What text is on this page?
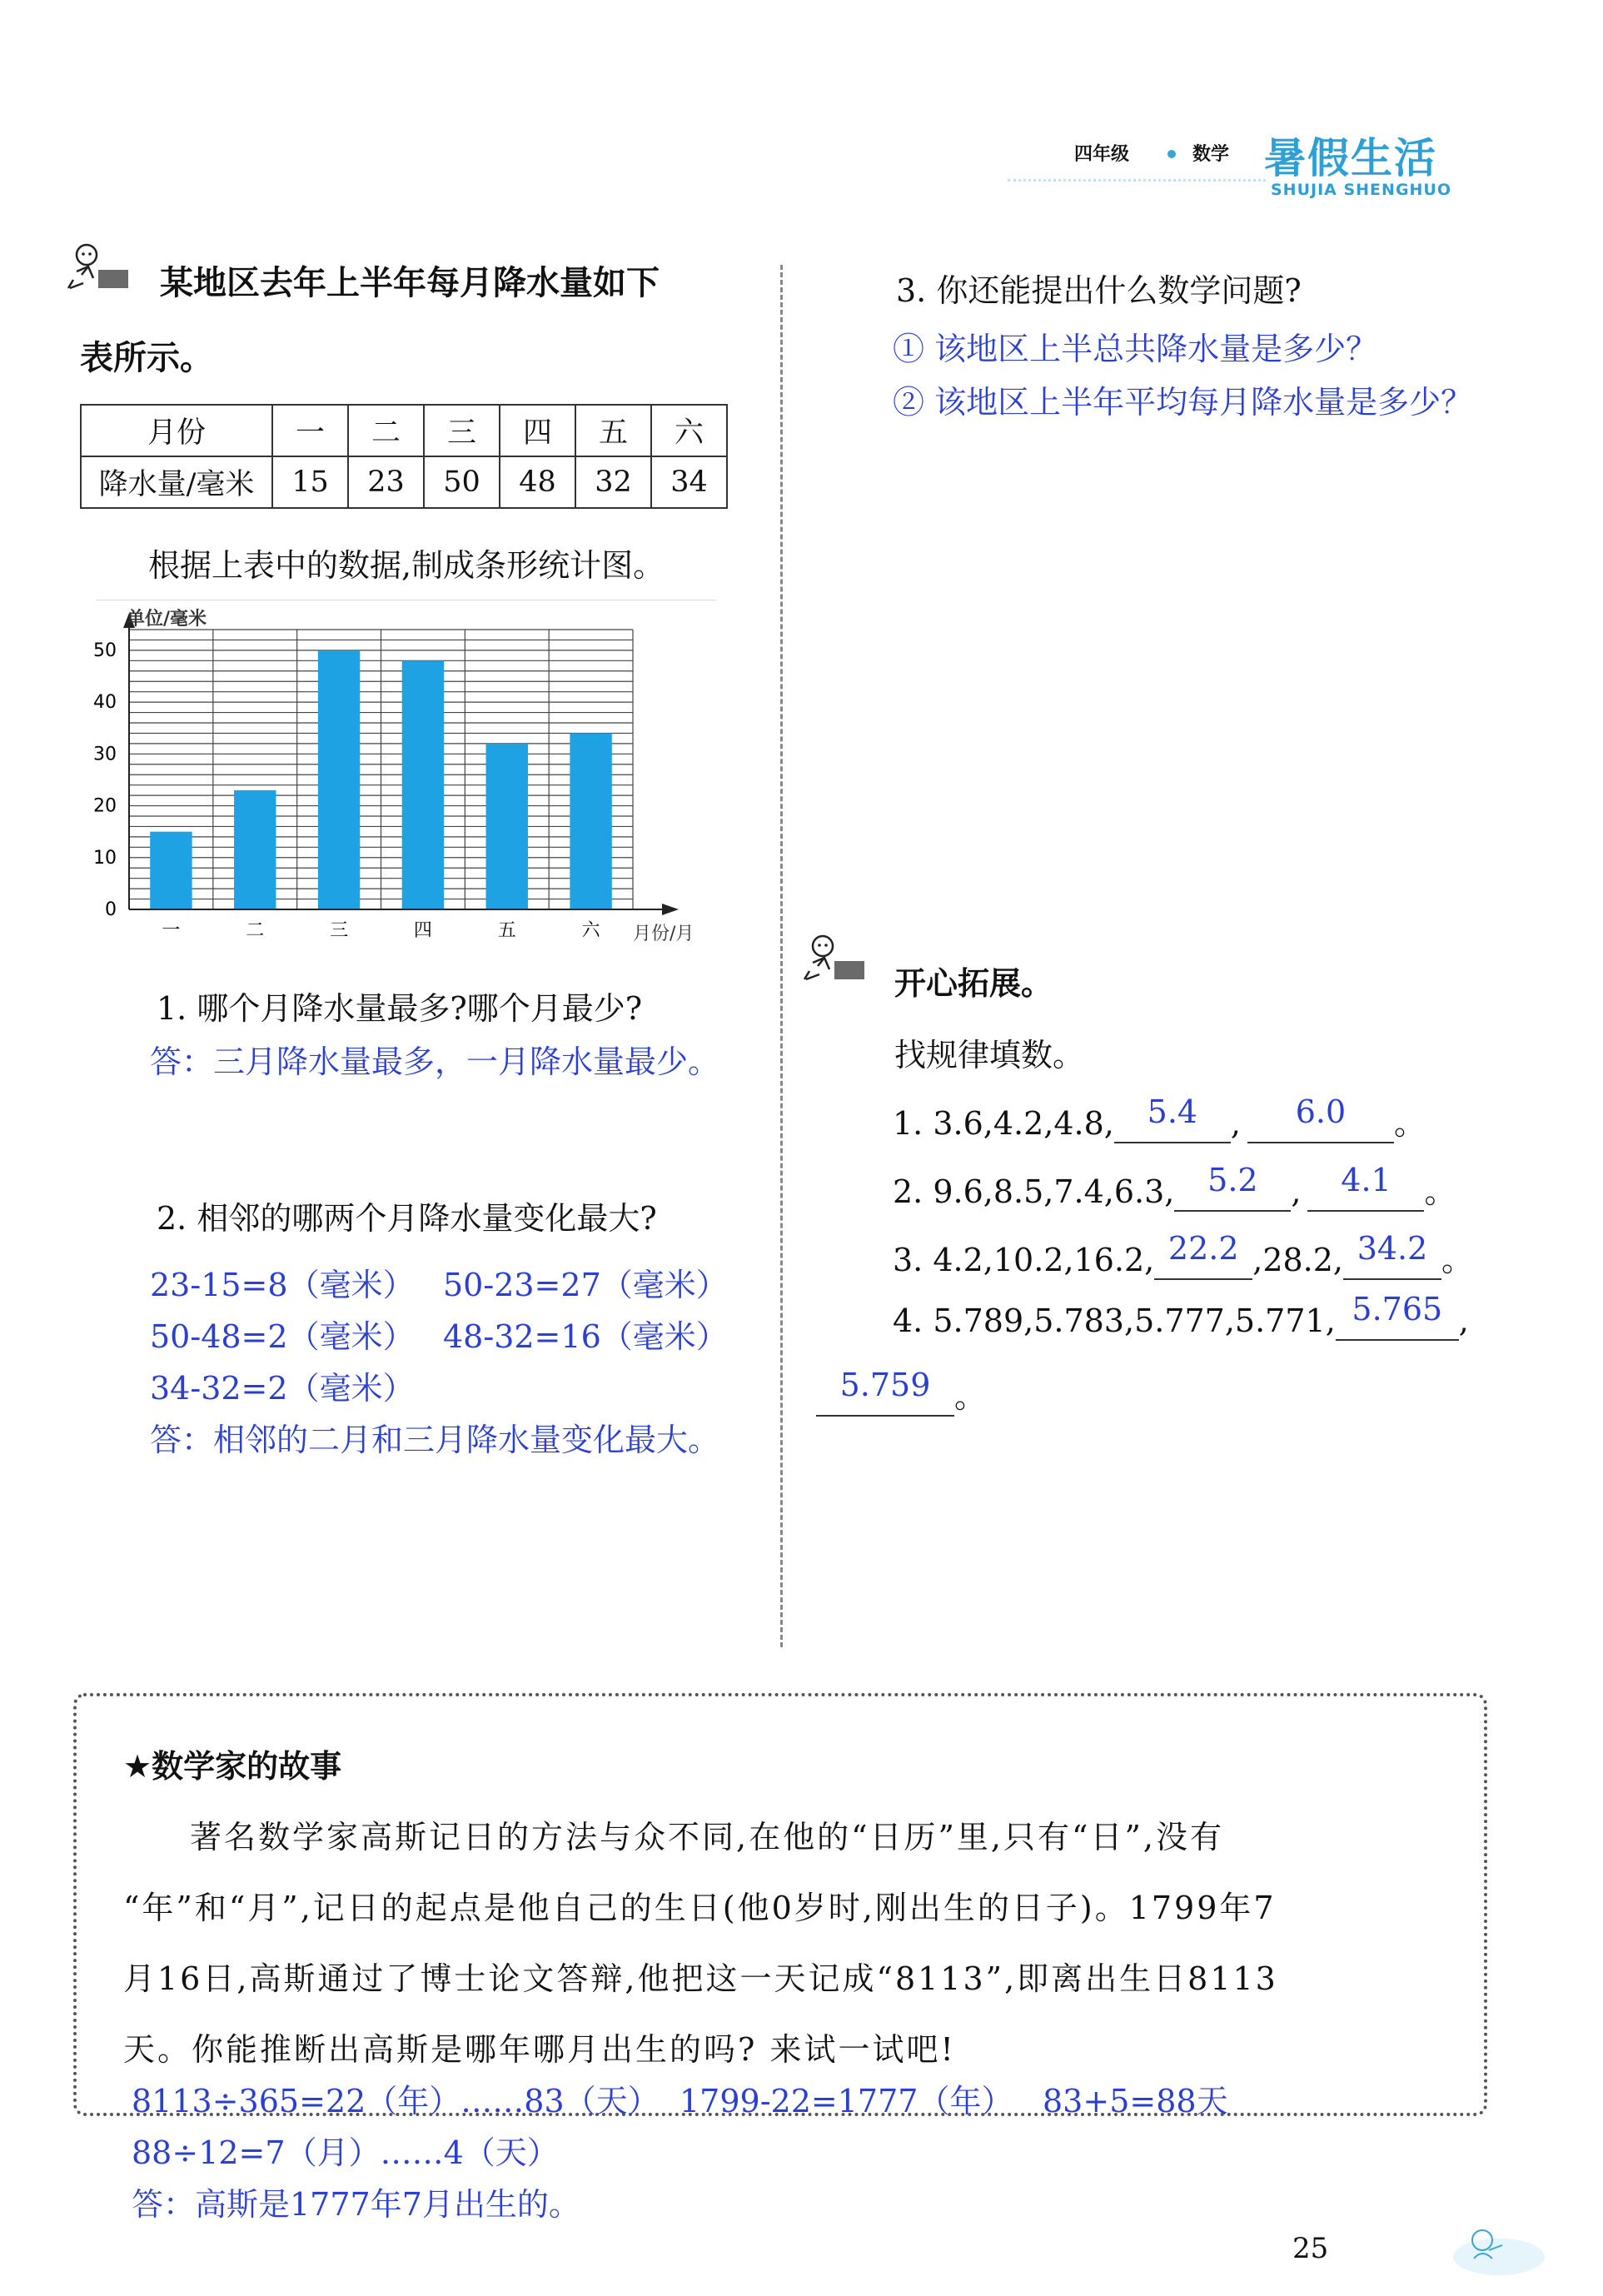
四年级	数学 暑假生活
SHUJIA SHENGHUO
某地区去年上半年每月降水量如下
表所示。
月份	一	二	三	四	五	六
降水量/毫米	15	23	50	48	32	34
根据上表中的数据,制成条形统计图。
0
10
20
30
40
50
一	二	三	四	五	六
单位/毫米
月份/月
1. 哪个月降水量最多?哪个月最少?
答：三月降水量最多，一月降水量最少。
2. 相邻的哪两个月降水量变化最大?
23-15=8（毫米） 50-23=27（毫米）
50-48=2（毫米） 48-32=16（毫米）
34-32=2（毫米）
答：相邻的二月和三月降水量变化最大。
3. 你还能提出什么数学问题?
① 该地区上半总共降水量是多少？
② 该地区上半年平均每月降水量是多少？
开心拓展。
找规律填数。
1. 3.6,4.2,4.8, 5.4 , 6.0 。
2. 9.6,8.5,7.4,6.3, 5.2 , 4.1 。
3. 4.2,10.2,16.2, 22.2 ,28.2, 34.2 。
4. 5.789,5.783,5.777,5.771, 5.765 ,
5.759 。
★数学家的故事
著名数学家高斯记日的方法与众不同,在他的“日历”里,只有“日”,没有
“年”和“月”,记日的起点是他自己的生日(他0岁时,刚出生的日子)。1799年7
月16日,高斯通过了博士论文答辩,他把这一天记成“8113”,即离出生日8113
天。你能推断出高斯是哪年哪月出生的吗? 来试一试吧!
8113÷365=22（年）……83（天） 1799-22=1777（年） 83+5=88天
88÷12=7（月）……4（天）
答：高斯是1777年7月出生的。
25
